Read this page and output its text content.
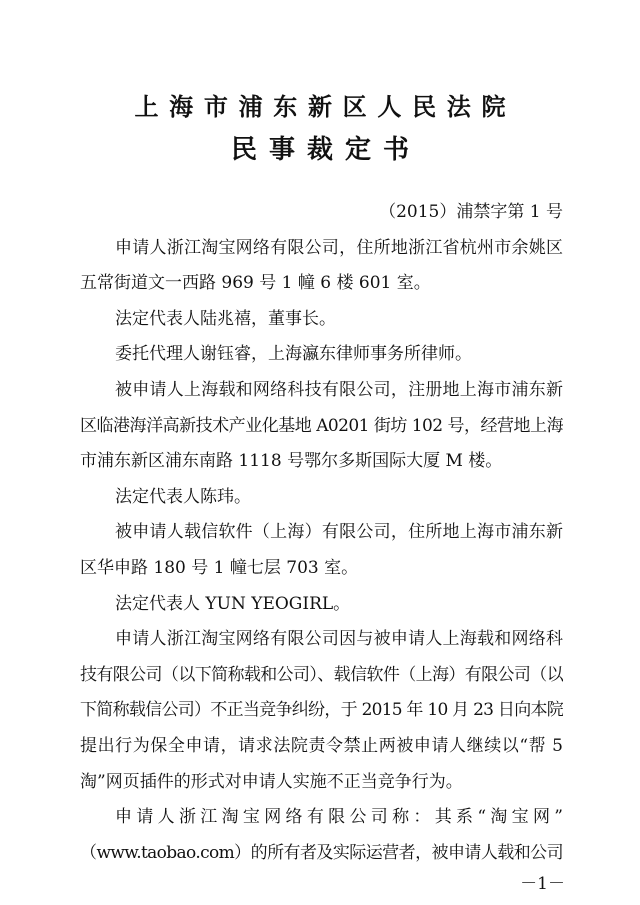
上海市浦东新区人民法院
民事裁定书
（2015）浦禁字第 1 号
申请人浙江淘宝网络有限公司，住所地浙江省杭州市余姚区
五常街道文一西路 969 号 1 幢 6 楼 601 室。
法定代表人陆兆禧，董事长。
委托代理人谢钰睿，上海瀛东律师事务所律师。
被申请人上海载和网络科技有限公司，注册地上海市浦东新
区临港海洋高新技术产业化基地 A0201 街坊 102 号，经营地上海
市浦东新区浦东南路 1118 号鄂尔多斯国际大厦 M 楼。
法定代表人陈玮。
被申请人载信软件（上海）有限公司，住所地上海市浦东新
区华申路 180 号 1 幢七层 703 室。
法定代表人 YUN YEOGIRL。
申请人浙江淘宝网络有限公司因与被申请人上海载和网络科
技有限公司（以下简称载和公司）、载信软件（上海）有限公司（以
下简称载信公司）不正当竞争纠纷，于 2015 年 10 月 23 日向本院
提出行为保全申请，请求法院责令禁止两被申请人继续以“帮 5
淘”网页插件的形式对申请人实施不正当竞争行为。
申请人浙江淘宝网络有限公司称：其系“淘宝网”
（www.taobao.com）的所有者及实际运营者，被申请人载和公司
－1－
